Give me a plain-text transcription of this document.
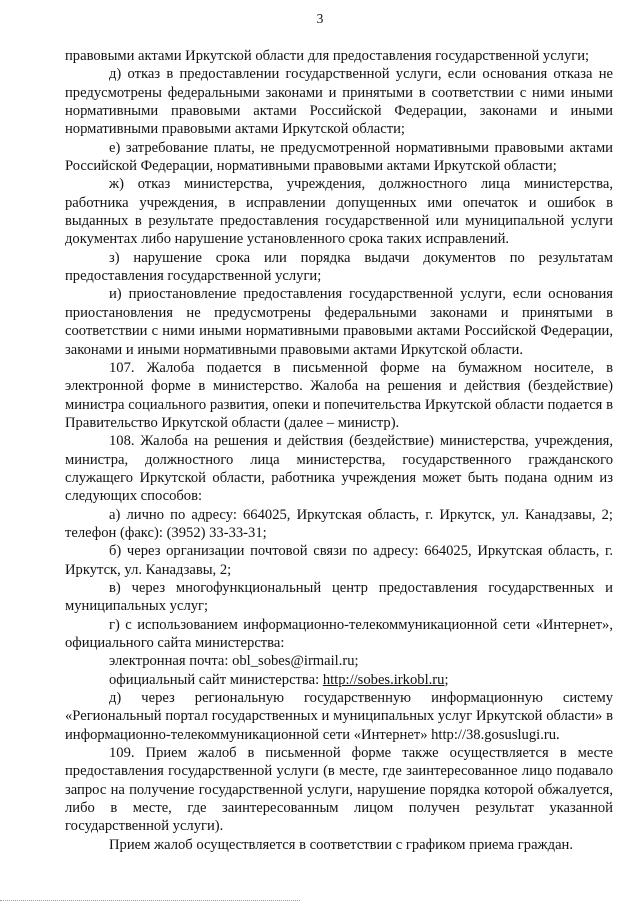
3

правовыми актами Иркутской области для предоставления государственной услуги;

д) отказ в предоставлении государственной услуги, если основания отказа не предусмотрены федеральными законами и принятыми в соответствии с ними иными нормативными правовыми актами Российской Федерации, законами и иными нормативными правовыми актами Иркутской области;

е) затребование платы, не предусмотренной нормативными правовыми актами Российской Федерации, нормативными правовыми актами Иркутской области;

ж) отказ министерства, учреждения, должностного лица министерства, работника учреждения, в исправлении допущенных ими опечаток и ошибок в выданных в результате предоставления государственной или муниципальной услуги документах либо нарушение установленного срока таких исправлений.

з) нарушение срока или порядка выдачи документов по результатам предоставления государственной услуги;

и) приостановление предоставления государственной услуги, если основания приостановления не предусмотрены федеральными законами и принятыми в соответствии с ними иными нормативными правовыми актами Российской Федерации, законами и иными нормативными правовыми актами Иркутской области.

107. Жалоба подается в письменной форме на бумажном носителе, в электронной форме в министерство. Жалоба на решения и действия (бездействие) министра социального развития, опеки и попечительства Иркутской области подается в Правительство Иркутской области (далее – министр).

108. Жалоба на решения и действия (бездействие) министерства, учреждения, министра, должностного лица министерства, государственного гражданского служащего Иркутской области, работника учреждения может быть подана одним из следующих способов:

а) лично по адресу: 664025, Иркутская область, г. Иркутск, ул. Канадзавы, 2; телефон (факс): (3952) 33-33-31;

б) через организации почтовой связи по адресу: 664025, Иркутская область, г. Иркутск, ул. Канадзавы, 2;

в) через многофункциональный центр предоставления государственных и муниципальных услуг;

г) с использованием информационно-телекоммуникационной сети «Интернет», официального сайта министерства:

электронная почта: obl_sobes@irmail.ru;

официальный сайт министерства: http://sobes.irkobl.ru;

д) через региональную государственную информационную систему «Региональный портал государственных и муниципальных услуг Иркутской области» в информационно-телекоммуникационной сети «Интернет» http://38.gosuslugi.ru.

109. Прием жалоб в письменной форме также осуществляется в месте предоставления государственной услуги (в месте, где заинтересованное лицо подавало запрос на получение государственной услуги, нарушение порядка которой обжалуется, либо в месте, где заинтересованным лицом получен результат указанной государственной услуги).

Прием жалоб осуществляется в соответствии с графиком приема граждан.
